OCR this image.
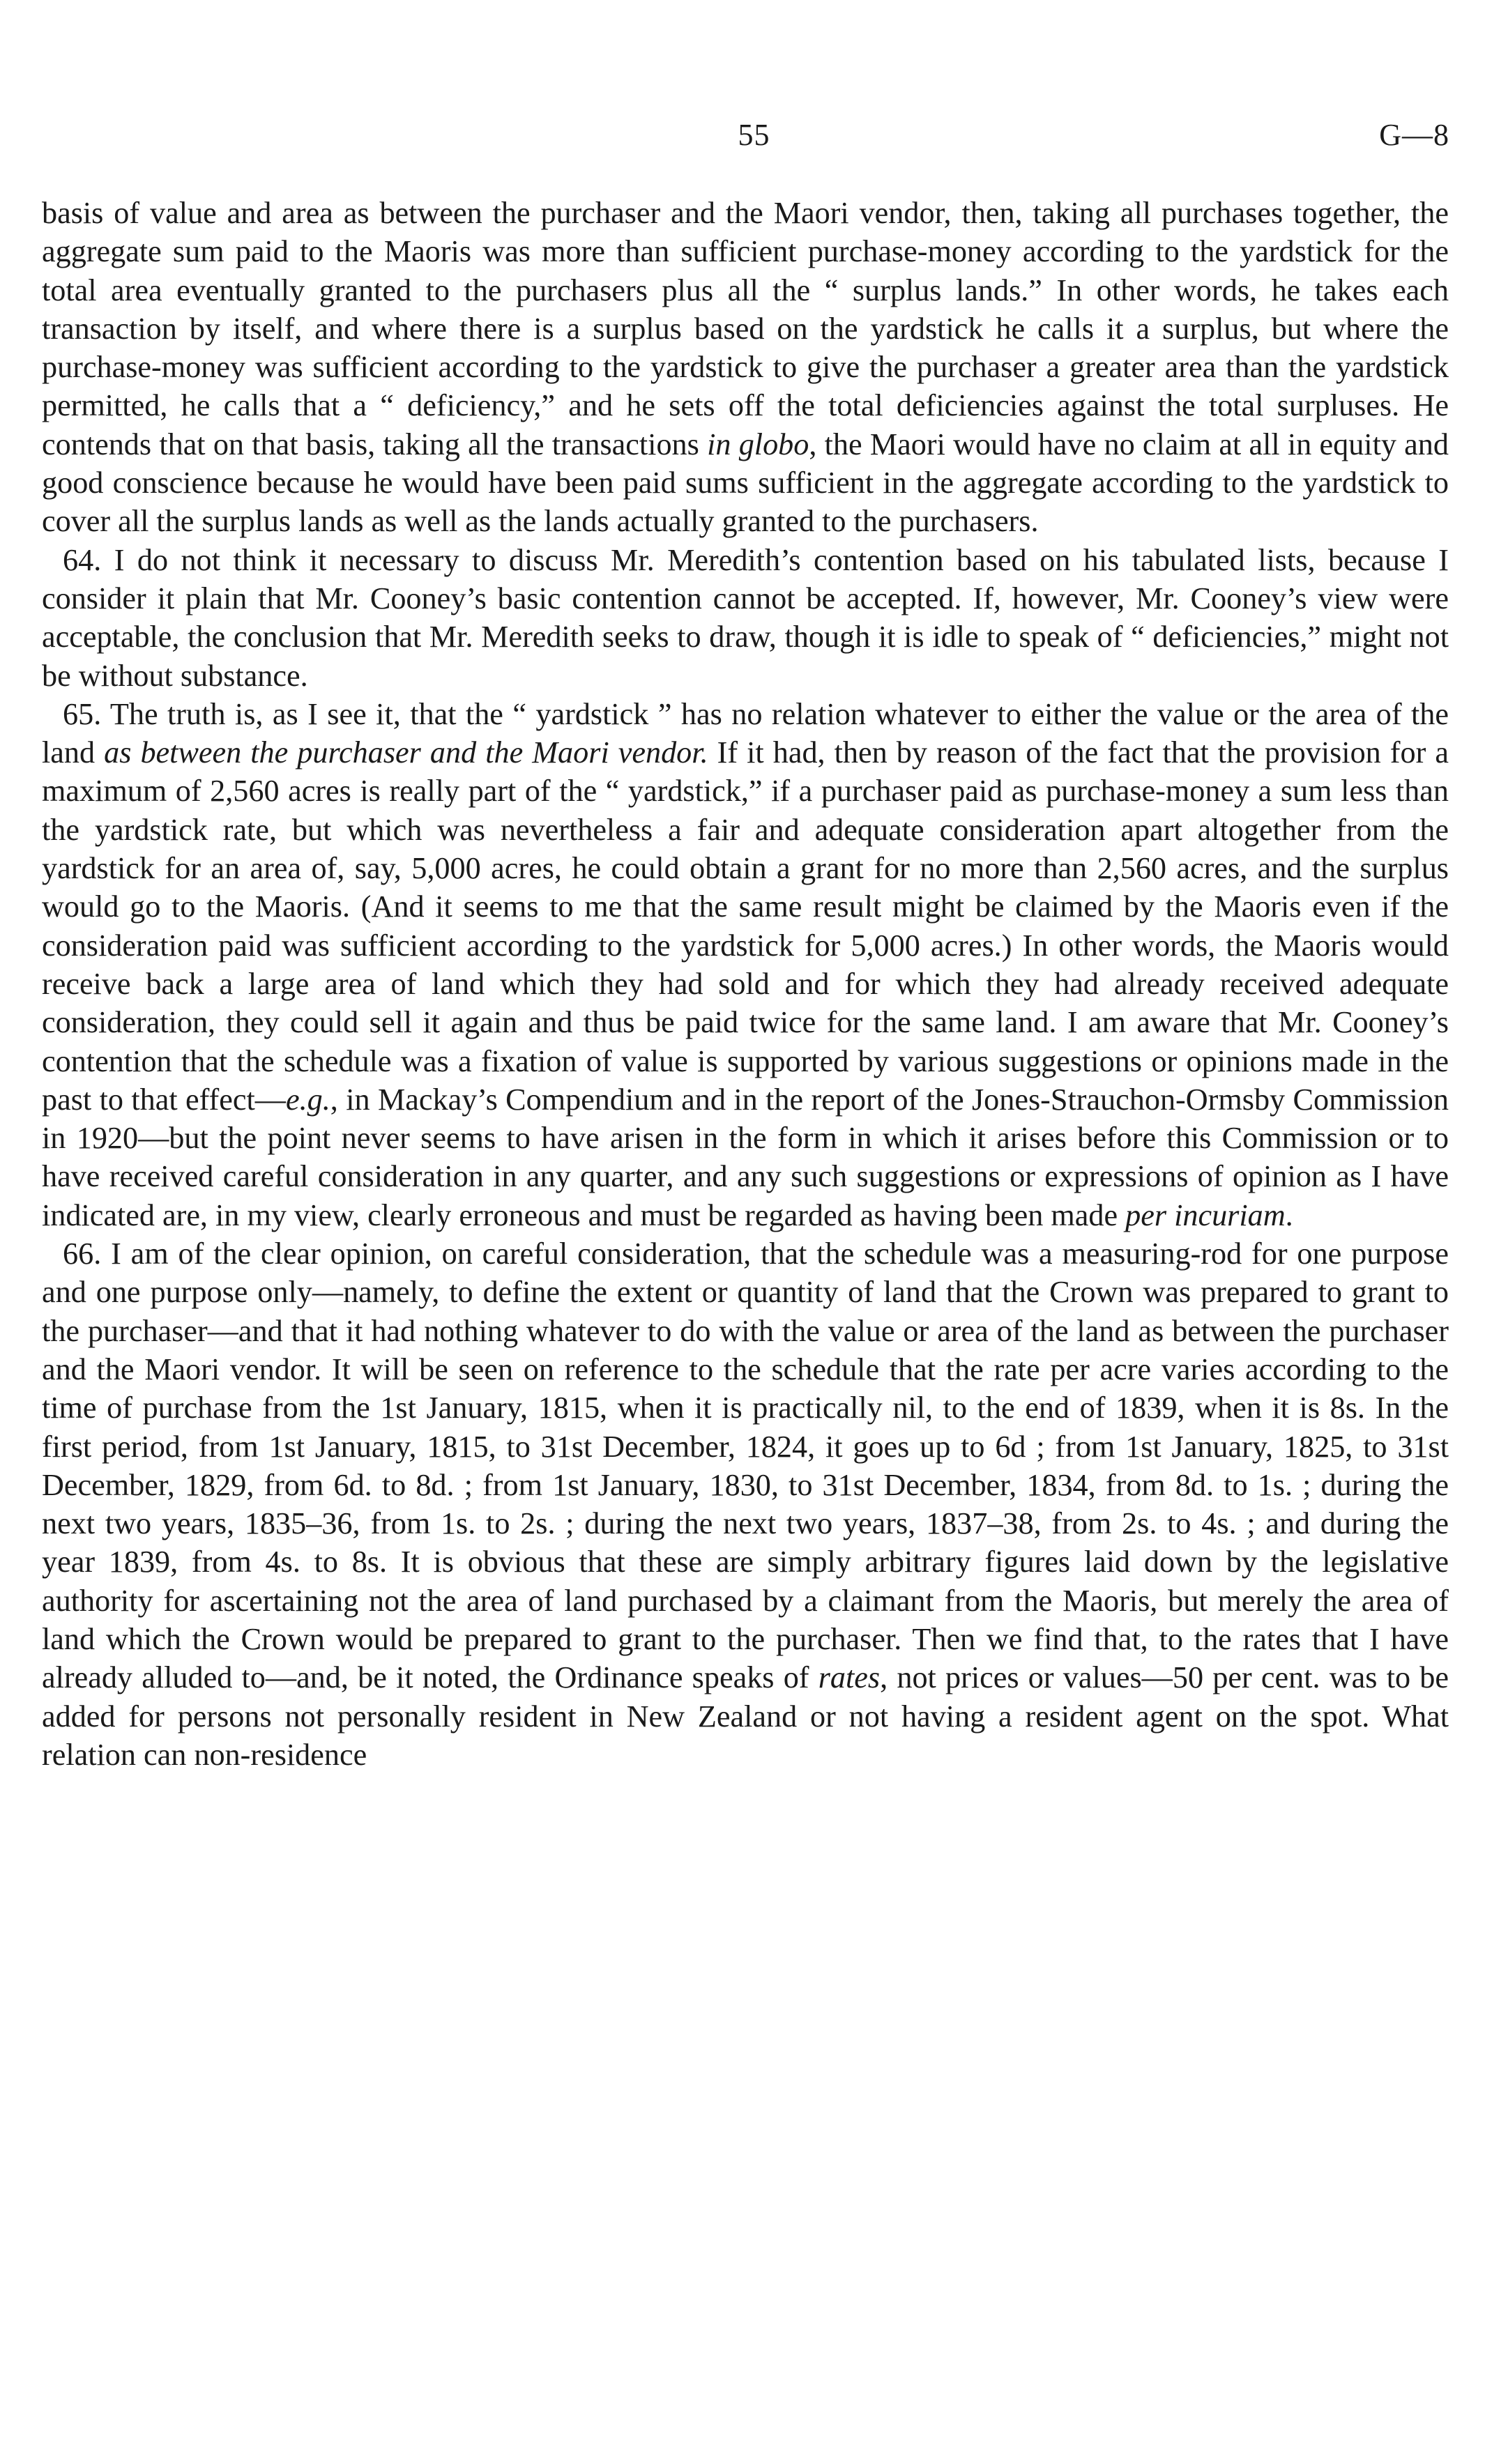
55	G—8

basis of value and area as between the purchaser and the Maori vendor, then, taking all purchases together, the aggregate sum paid to the Maoris was more than sufficient purchase-money according to the yardstick for the total area eventually granted to the purchasers plus all the “ surplus lands.” In other words, he takes each transaction by itself, and where there is a surplus based on the yardstick he calls it a surplus, but where the purchase-money was sufficient according to the yardstick to give the purchaser a greater area than the yardstick permitted, he calls that a “ deficiency,” and he sets off the total deficiencies against the total surpluses. He contends that on that basis, taking all the transactions in globo, the Maori would have no claim at all in equity and good conscience because he would have been paid sums sufficient in the aggregate according to the yardstick to cover all the surplus lands as well as the lands actually granted to the purchasers.

64. I do not think it necessary to discuss Mr. Meredith’s contention based on his tabulated lists, because I consider it plain that Mr. Cooney’s basic contention cannot be accepted. If, however, Mr. Cooney’s view were acceptable, the conclusion that Mr. Meredith seeks to draw, though it is idle to speak of “ deficiencies,” might not be without substance.

65. The truth is, as I see it, that the “ yardstick ” has no relation whatever to either the value or the area of the land as between the purchaser and the Maori vendor. If it had, then by reason of the fact that the provision for a maximum of 2,560 acres is really part of the “ yardstick,” if a purchaser paid as purchase-money a sum less than the yardstick rate, but which was nevertheless a fair and adequate consideration apart altogether from the yardstick for an area of, say, 5,000 acres, he could obtain a grant for no more than 2,560 acres, and the surplus would go to the Maoris. (And it seems to me that the same result might be claimed by the Maoris even if the consideration paid was sufficient according to the yardstick for 5,000 acres.) In other words, the Maoris would receive back a large area of land which they had sold and for which they had already received adequate consideration, they could sell it again and thus be paid twice for the same land. I am aware that Mr. Cooney’s contention that the schedule was a fixation of value is supported by various suggestions or opinions made in the past to that effect—e.g., in Mackay’s Compendium and in the report of the Jones-Strauchon-Ormsby Commission in 1920—but the point never seems to have arisen in the form in which it arises before this Commission or to have received careful consideration in any quarter, and any such suggestions or expressions of opinion as I have indicated are, in my view, clearly erroneous and must be regarded as having been made per incuriam.

66. I am of the clear opinion, on careful consideration, that the schedule was a measuring-rod for one purpose and one purpose only—namely, to define the extent or quantity of land that the Crown was prepared to grant to the purchaser—and that it had nothing whatever to do with the value or area of the land as between the purchaser and the Maori vendor. It will be seen on reference to the schedule that the rate per acre varies according to the time of purchase from the 1st January, 1815, when it is practically nil, to the end of 1839, when it is 8s. In the first period, from 1st January, 1815, to 31st December, 1824, it goes up to 6d ; from 1st January, 1825, to 31st December, 1829, from 6d. to 8d. ; from 1st January, 1830, to 31st December, 1834, from 8d. to 1s. ; during the next two years, 1835–36, from 1s. to 2s. ; during the next two years, 1837–38, from 2s. to 4s. ; and during the year 1839, from 4s. to 8s. It is obvious that these are simply arbitrary figures laid down by the legislative authority for ascertaining not the area of land purchased by a claimant from the Maoris, but merely the area of land which the Crown would be prepared to grant to the purchaser. Then we find that, to the rates that I have already alluded to—and, be it noted, the Ordinance speaks of rates, not prices or values—50 per cent. was to be added for persons not personally resident in New Zealand or not having a resident agent on the spot. What relation can non-residence
